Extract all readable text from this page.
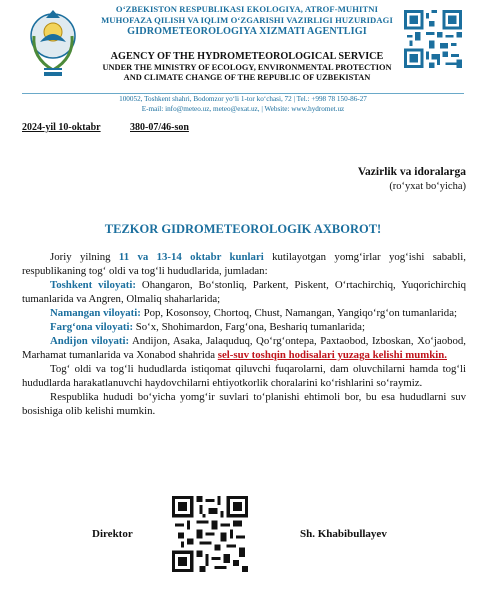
O‘ZBEKISTON RESPUBLIKASI EKOLOGIYA, ATROF-MUHITNI
MUHOFAZA QILISH VA IQLIM O‘ZGARISHI VAZIRLIGI HUZURIDAGI
GIDROMETEOROLOGIYA XIZMATI AGENTLIGI
AGENCY OF THE HYDROMETEOROLOGICAL SERVICE
UNDER THE MINISTRY OF ECOLOGY, ENVIRONMENTAL PROTECTION
AND CLIMATE CHANGE OF THE REPUBLIC OF UZBEKISTAN
100052, Toshkent shahri, Bodomzor yo‘li 1-tor ko‘chasi, 72 | Tel.: +998 78 150-86-27
E-mail: info@meteo.uz, meteo@exat.uz, | Website: www.hydromet.uz
2024-yil 10-oktabr	380-07/46-son
Vazirlik va idoralarga
(ro‘yxat bo‘yicha)
TEZKOR GIDROMETEOROLOGIK AXBOROT!

Joriy yilning 11 va 13-14 oktabr kunlari kutilayotgan yomg‘irlar yog‘ishi sababli, respublikaning tog‘ oldi va tog‘li hududlarida, jumladan:

Toshkent viloyati: Ohangaron, Bo‘stonliq, Parkent, Piskent, O‘rtachirchiq, Yuqorichirchiq tumanlarida va Angren, Olmaliq shaharlarida;

Namangan viloyati: Pop, Kosonsoy, Chortoq, Chust, Namangan, Yangiqo‘rg‘on tumanlarida;

Farg‘ona viloyati: So‘x, Shohimardon, Farg‘ona, Beshariq tumanlarida;

Andijon viloyati: Andijon, Asaka, Jalaquduq, Qo‘rg‘ontepa, Paxtaobod, Izboskan, Xo‘jaobod, Marhamat tumanlarida va Xonabod shahrida sel-suv toshqin hodisalari yuzaga kelishi mumkin.

Tog‘ oldi va tog‘li hududlarda istiqomat qiluvchi fuqarolarni, dam oluvchilarni hamda tog‘li hududlarda harakatlanuvchi haydovchilarni ehtiyotkorlik choralarini ko‘rishlarini so‘raymiz.

Respublika hududi bo‘yicha yomg‘ir suvlari to‘planishi ehtimoli bor, bu esa hududlarni suv bosishiga olib kelishi mumkin.

Direktor	Sh. Khabibullayev
